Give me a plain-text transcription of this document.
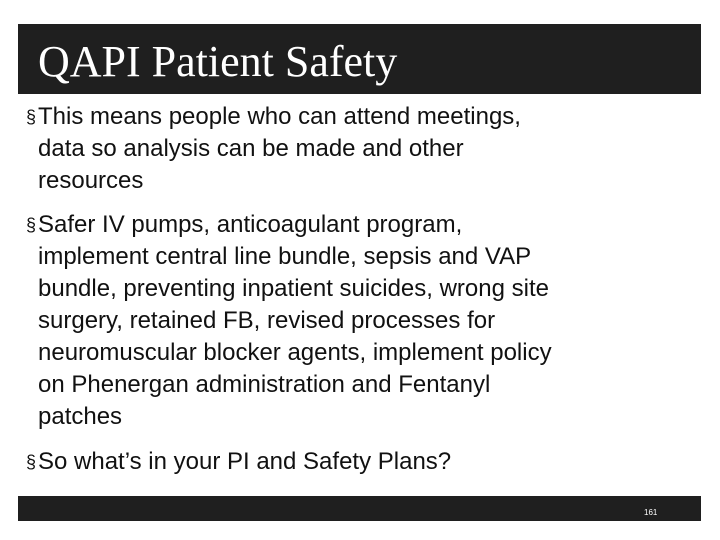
QAPI Patient Safety
§ This means people who can attend meetings,
data so analysis can be made and other
resources
§ Safer IV pumps, anticoagulant program,
implement central line bundle, sepsis and VAP
bundle, preventing inpatient suicides, wrong site
surgery, retained FB, revised processes for
neuromuscular blocker agents, implement policy
on Phenergan administration and Fentanyl
patches
§ So what’s in your PI and Safety Plans?
161
